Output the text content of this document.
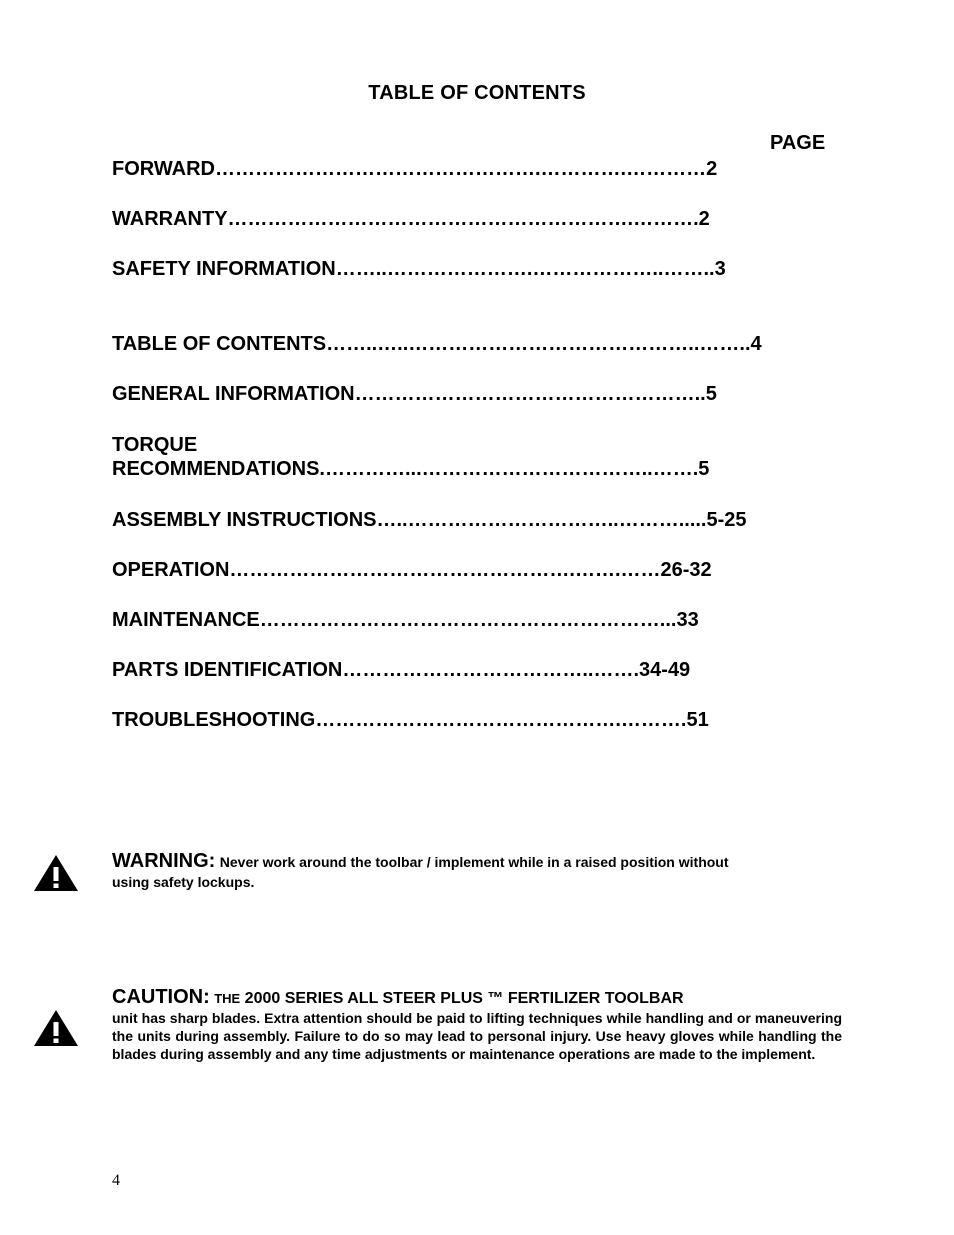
TABLE OF CONTENTS
PAGE
FORWARD………………………………………….………….…………2
WARRANTY…………………………………………………….……….2
SAFETY INFORMATION……..………………….………………..……..3
TABLE OF CONTENTS……..…..……………………………………..……..4
GENERAL INFORMATION……………………………………………..5
TORQUE
RECOMMENDATIONS.…………...……………………………..…….5
ASSEMBLY INSTRUCTIONS…..…………………………..……….....5-25
OPERATION…………………………………………….…….……26-32
MAINTENANCE……………………………………………………...33
PARTS IDENTIFICATION………………………………..…….34-49
TROUBLESHOOTING……………………………………….……….51
WARNING: Never work around the toolbar / implement while in a raised position without
using safety lockups.
CAUTION: THE 2000 SERIES ALL STEER PLUS ™ FERTILIZER TOOLBAR
unit has sharp blades. Extra attention should be paid to lifting techniques while handling and or maneuvering the units during assembly. Failure to do so may lead to personal injury. Use heavy gloves while handling the blades during assembly and any time adjustments or maintenance operations are made to the implement.
4
